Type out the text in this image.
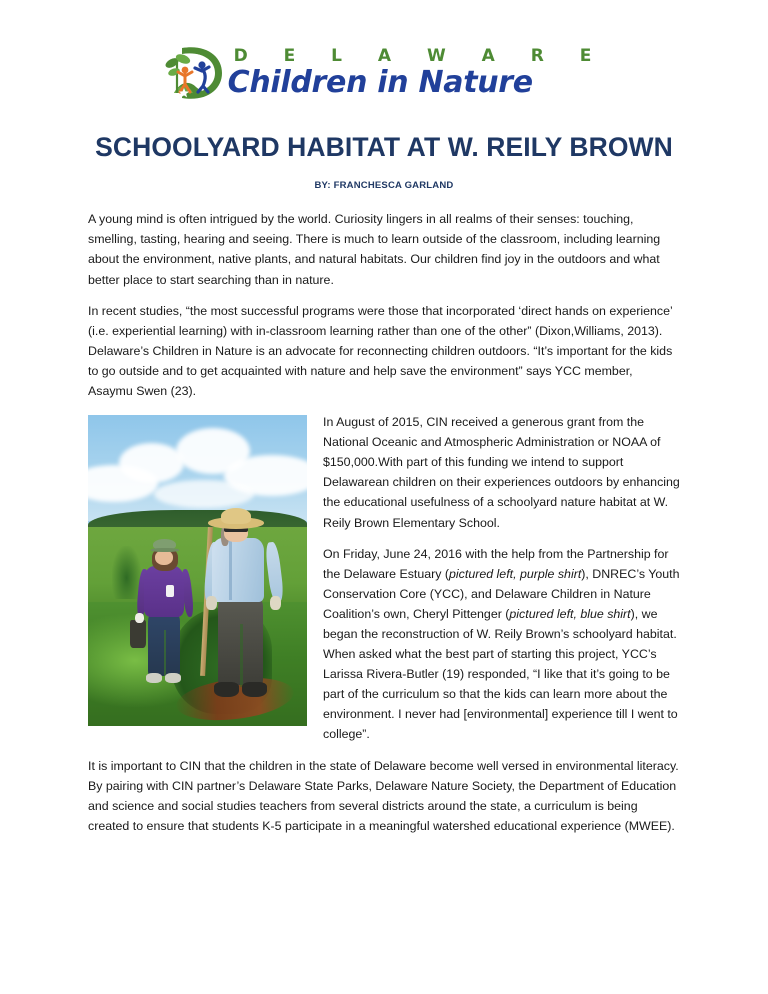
D E L A W A R E
Children in Nature
SCHOOLYARD HABITAT AT W. REILY BROWN
BY: FRANCHESCA GARLAND

A young mind is often intrigued by the world. Curiosity lingers in all realms of their senses: touching, smelling, tasting, hearing and seeing. There is much to learn outside of the classroom, including learning about the environment, native plants, and natural habitats. Our children find joy in the outdoors and what better place to start searching than in nature.

In recent studies, “the most successful programs were those that incorporated ‘direct hands on experience’ (i.e. experiential learning) with in-classroom learning rather than one of the other” (Dixon,Williams, 2013). Delaware’s Children in Nature is an advocate for reconnecting children outdoors. “It’s important for the kids to go outside and to get acquainted with nature and help save the environment” says YCC member, Asaymu Swen (23).

In August of 2015, CIN received a generous grant from the National Oceanic and Atmospheric Administration or NOAA of $150,000.With part of this funding we intend to support Delawarean children on their experiences outdoors by enhancing the educational usefulness of a schoolyard nature habitat at W. Reily Brown Elementary School.

On Friday, June 24, 2016 with the help from the Partnership for the Delaware Estuary (pictured left, purple shirt), DNREC’s Youth Conservation Core (YCC), and Delaware Children in Nature Coalition’s own, Cheryl Pittenger (pictured left, blue shirt), we began the reconstruction of W. Reily Brown’s schoolyard habitat. When asked what the best part of starting this project, YCC’s Larissa Rivera-Butler (19) responded, “I like that it’s going to be part of the curriculum so that the kids can learn more about the environment. I never had [environmental] experience till I went to college”.

It is important to CIN that the children in the state of Delaware become well versed in environmental literacy. By pairing with CIN partner’s Delaware State Parks, Delaware Nature Society, the Department of Education and science and social studies teachers from several districts around the state, a curriculum is being created to ensure that students K-5 participate in a meaningful watershed educational experience (MWEE).
